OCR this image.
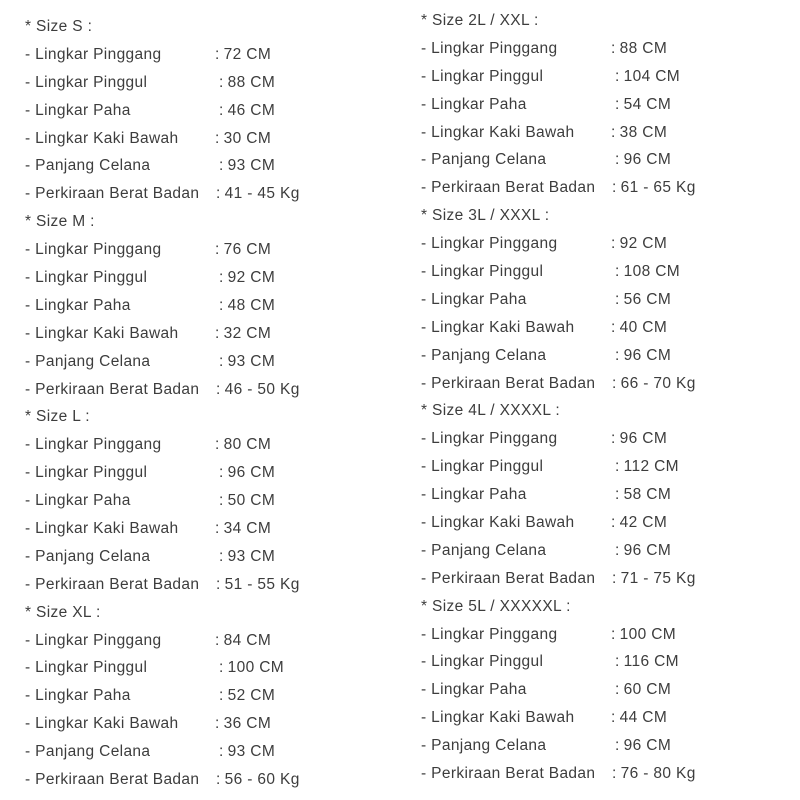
* Size S :
- Lingkar Pinggang	: 72 CM
- Lingkar Pinggul	: 88 CM
- Lingkar Paha	: 46 CM
- Lingkar Kaki Bawah : 30 CM
- Panjang Celana	: 93 CM
- Perkiraan Berat Badan : 41 - 45 Kg
* Size M :
- Lingkar Pinggang	: 76 CM
- Lingkar Pinggul	: 92 CM
- Lingkar Paha	: 48 CM
- Lingkar Kaki Bawah : 32 CM
- Panjang Celana	: 93 CM
- Perkiraan Berat Badan : 46 - 50 Kg
* Size L :
- Lingkar Pinggang	: 80 CM
- Lingkar Pinggul	: 96 CM
- Lingkar Paha	: 50 CM
- Lingkar Kaki Bawah : 34 CM
- Panjang Celana	: 93 CM
- Perkiraan Berat Badan : 51 - 55 Kg
* Size XL :
- Lingkar Pinggang	: 84 CM
- Lingkar Pinggul	: 100 CM
- Lingkar Paha	: 52 CM
- Lingkar Kaki Bawah : 36 CM
- Panjang Celana	: 93 CM
- Perkiraan Berat Badan : 56 - 60 Kg
* Size 2L / XXL :
- Lingkar Pinggang	: 88 CM
- Lingkar Pinggul	: 104 CM
- Lingkar Paha	: 54 CM
- Lingkar Kaki Bawah : 38 CM
- Panjang Celana	: 96 CM
- Perkiraan Berat Badan : 61 - 65 Kg
* Size 3L / XXXL :
- Lingkar Pinggang	: 92 CM
- Lingkar Pinggul	: 108 CM
- Lingkar Paha	: 56 CM
- Lingkar Kaki Bawah : 40 CM
- Panjang Celana	: 96 CM
- Perkiraan Berat Badan : 66 - 70 Kg
* Size 4L / XXXXL :
- Lingkar Pinggang	: 96 CM
- Lingkar Pinggul	: 112 CM
- Lingkar Paha	: 58 CM
- Lingkar Kaki Bawah : 42 CM
- Panjang Celana	: 96 CM
- Perkiraan Berat Badan : 71 - 75 Kg
* Size 5L / XXXXXL :
- Lingkar Pinggang	: 100 CM
- Lingkar Pinggul	: 116 CM
- Lingkar Paha	: 60 CM
- Lingkar Kaki Bawah : 44 CM
- Panjang Celana	: 96 CM
- Perkiraan Berat Badan : 76 - 80 Kg
